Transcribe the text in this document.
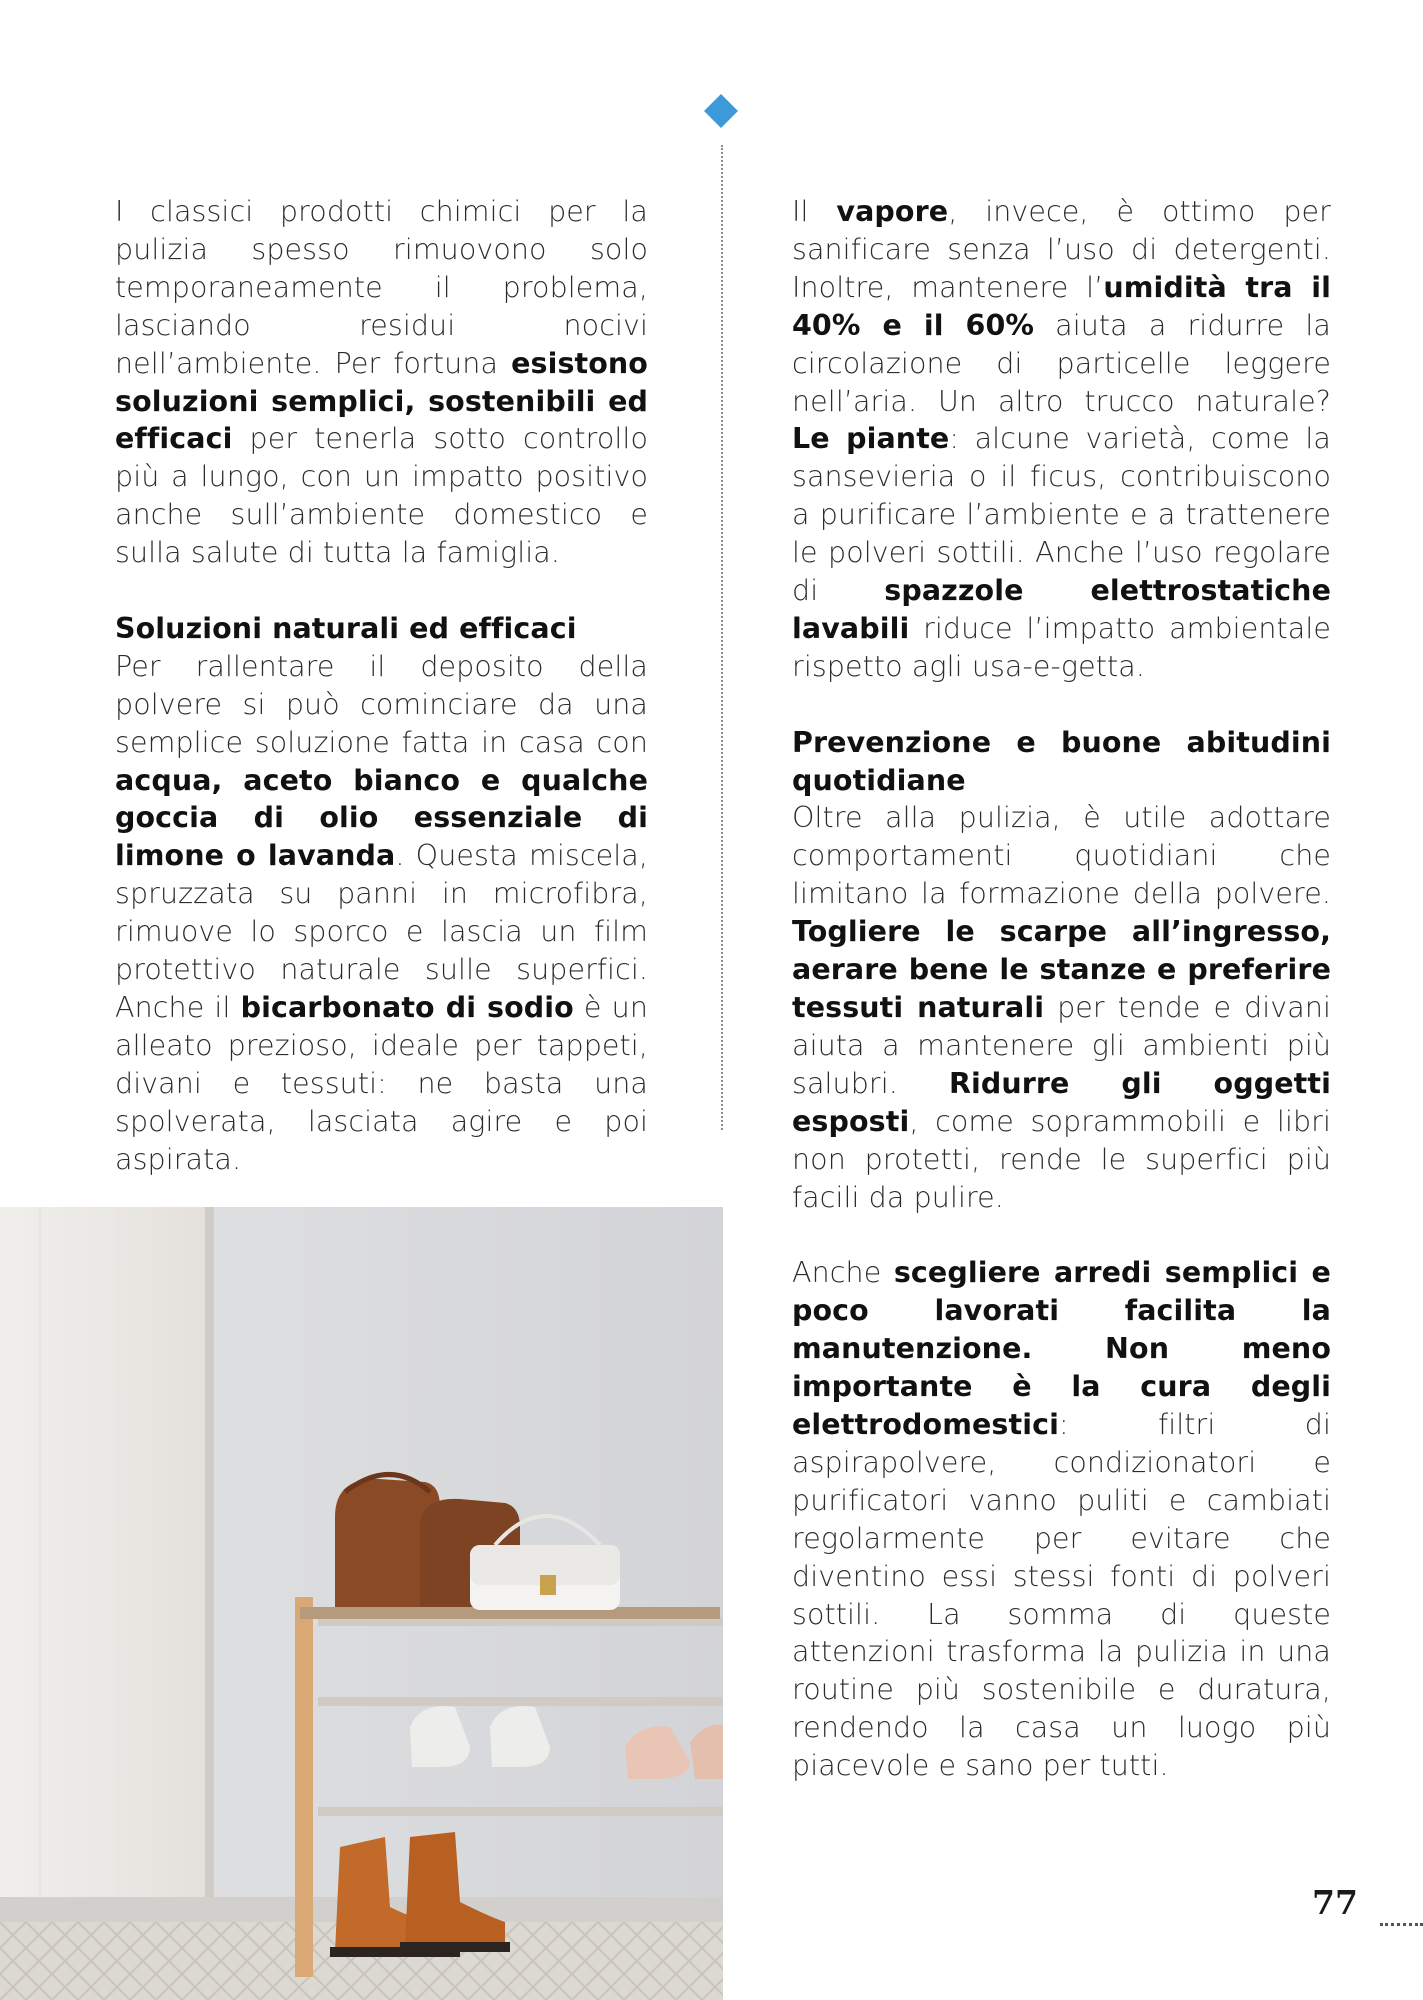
I classici prodotti chimici per la pulizia spesso rimuovono solo temporaneamente il problema, lasciando residui nocivi nell’ambiente. Per fortuna esistono soluzioni semplici, sostenibili ed efficaci per tenerla sotto controllo più a lungo, con un impatto positivo anche sull’ambiente domestico e sulla salute di tutta la famiglia.

Soluzioni naturali ed efficaci

Per rallentare il deposito della polvere si può cominciare da una semplice soluzione fatta in casa con acqua, aceto bianco e qualche goccia di olio essenziale di limone o lavanda. Questa miscela, spruzzata su panni in microfibra, rimuove lo sporco e lascia un film protettivo naturale sulle superfici. Anche il bicarbonato di sodio è un alleato prezioso, ideale per tappeti, divani e tessuti: ne basta una spolverata, lasciata agire e poi aspirata.

Il vapore, invece, è ottimo per sanificare senza l’uso di detergenti. Inoltre, mantenere l’umidità tra il 40% e il 60% aiuta a ridurre la circolazione di particelle leggere nell’aria. Un altro trucco naturale? Le piante: alcune varietà, come la sansevieria o il ficus, contribuiscono a purificare l’ambiente e a trattenere le polveri sottili. Anche l’uso regolare di spazzole elettrostatiche lavabili riduce l’impatto ambientale rispetto agli usa-e-getta.

Prevenzione e buone abitudini quotidiane

Oltre alla pulizia, è utile adottare comportamenti quotidiani che limitano la formazione della polvere. Togliere le scarpe all’ingresso, aerare bene le stanze e preferire tessuti naturali per tende e divani aiuta a mantenere gli ambienti più salubri. Ridurre gli oggetti esposti, come soprammobili e libri non protetti, rende le superfici più facili da pulire.

Anche scegliere arredi semplici e poco lavorati facilita la manutenzione. Non meno importante è la cura degli elettrodomestici: filtri di aspirapolvere, condizionatori e purificatori vanno puliti e cambiati regolarmente per evitare che diventino essi stessi fonti di polveri sottili. La somma di queste attenzioni trasforma la pulizia in una routine più sostenibile e duratura, rendendo la casa un luogo più piacevole e sano per tutti.

77
